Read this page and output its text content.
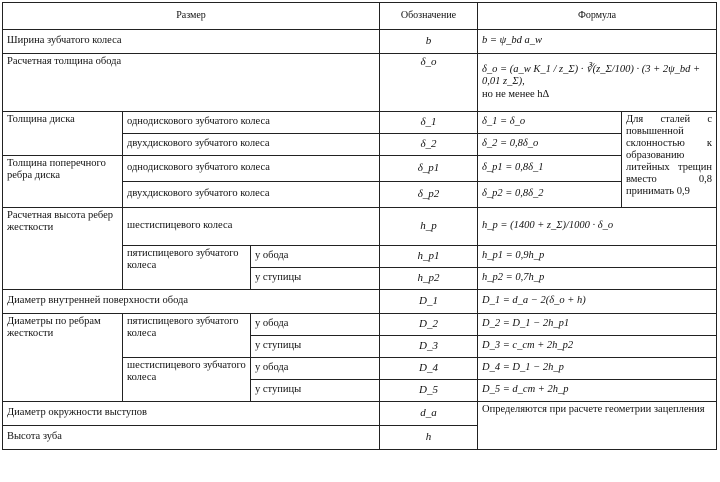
Размер			Обозначение	Формула	
Ширина зубчатого колеса			b	b = ψ_bd a_w	
Расчетная толщина обода			δ_o	δ_o = (a_w K_1 / z_Σ) · ∛(z_Σ/100) · (3 + 2ψ_bd + 0,01 z_Σ),
но не менее hΔ	

Толщина диска	однодискового зубчатого колеса		δ_1	δ_1 = δ_o	Для сталей с повышенной склонностью к образованию литейных трещин вместо 0,8 принимать 0,9
	двухдискового зубчатого колеса		δ_2	δ_2 = 0,8δ_o	
Толщина поперечного ребра диска	однодискового зубчатого колеса		δ_p1	δ_p1 = 0,8δ_1	
	двухдискового зубчатого колеса		δ_p2	δ_p2 = 0,8δ_2	
Расчетная высота ребер жесткости	шестиспицевого колеса		h_p	h_p = (1400 + z_Σ)/1000 · δ_o	
	пятиспицевого зубчатого колеса	у обода	h_p1	h_p1 = 0,9h_p	
		у ступицы	h_p2	h_p2 = 0,7h_p	
Диаметр внутренней поверхности обода			D_1	D_1 = d_a − 2(δ_o + h)	
Диаметры по ребрам жесткости	пятиспицевого зубчатого колеса	у обода	D_2	D_2 = D_1 − 2h_p1	
		у ступицы	D_3	D_3 = c_cm + 2h_p2	
	шестиспицевого зубчатого колеса	у обода	D_4	D_4 = D_1 − 2h_p	
		у ступицы	D_5	D_5 = d_cm + 2h_p	
Диаметр окружности выступов			d_a	Определяются при расчете геометрии зацепления	
Высота зуба			h		
